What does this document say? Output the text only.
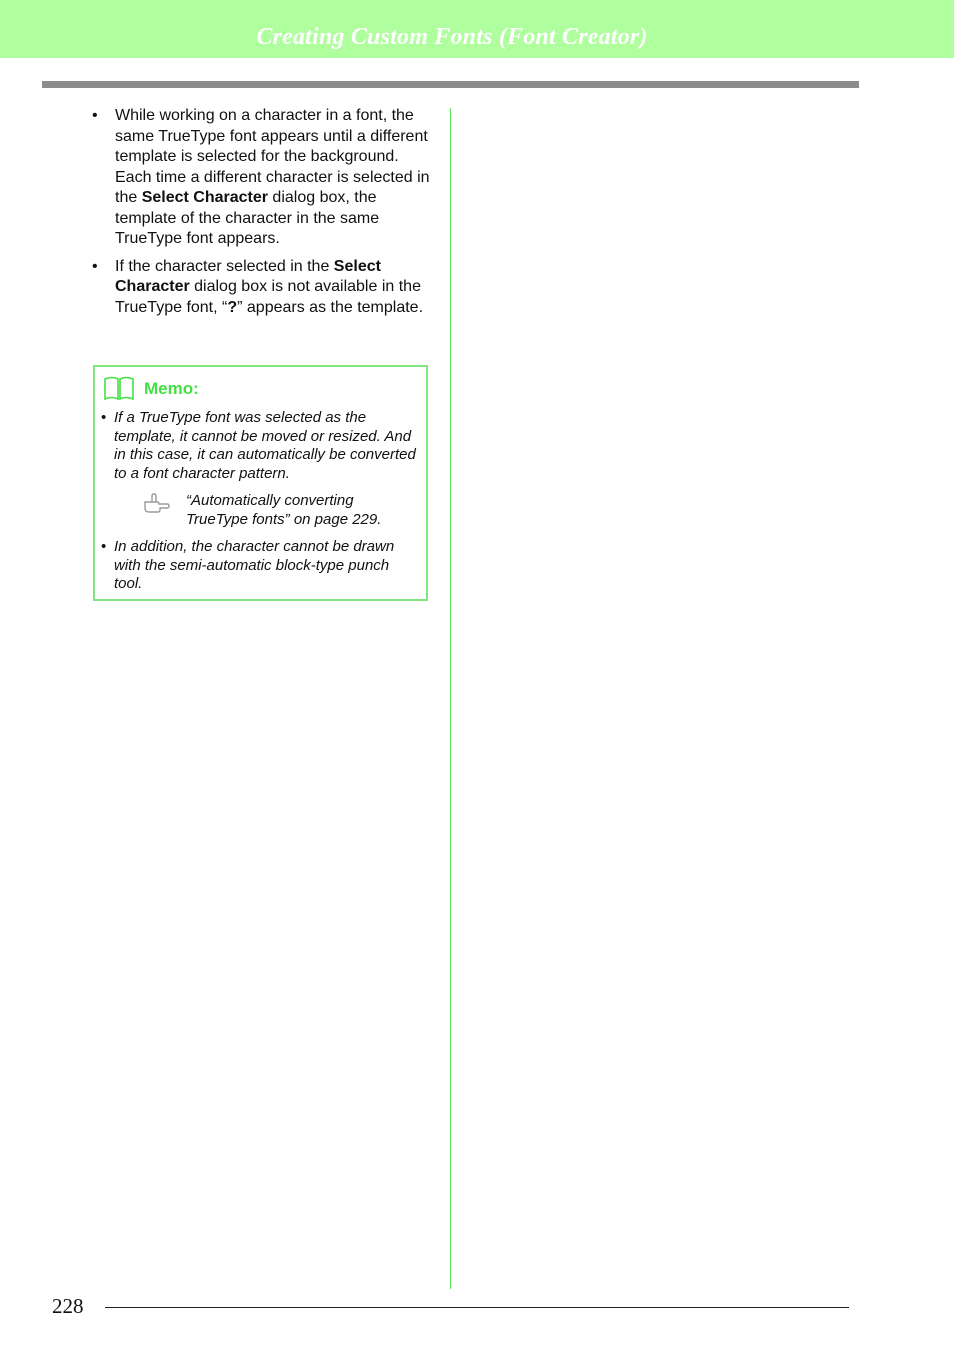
Creating Custom Fonts (Font Creator)
• While working on a character in a font, the same TrueType font appears until a different template is selected for the background. Each time a different character is selected in the Select Character dialog box, the template of the character in the same TrueType font appears.
• If the character selected in the Select Character dialog box is not available in the TrueType font, “?” appears as the template.
Memo:
• If a TrueType font was selected as the template, it cannot be moved or resized. And in this case, it can automatically be converted to a font character pattern.
“Automatically converting TrueType fonts” on page 229.
• In addition, the character cannot be drawn with the semi-automatic block-type punch tool.
228
